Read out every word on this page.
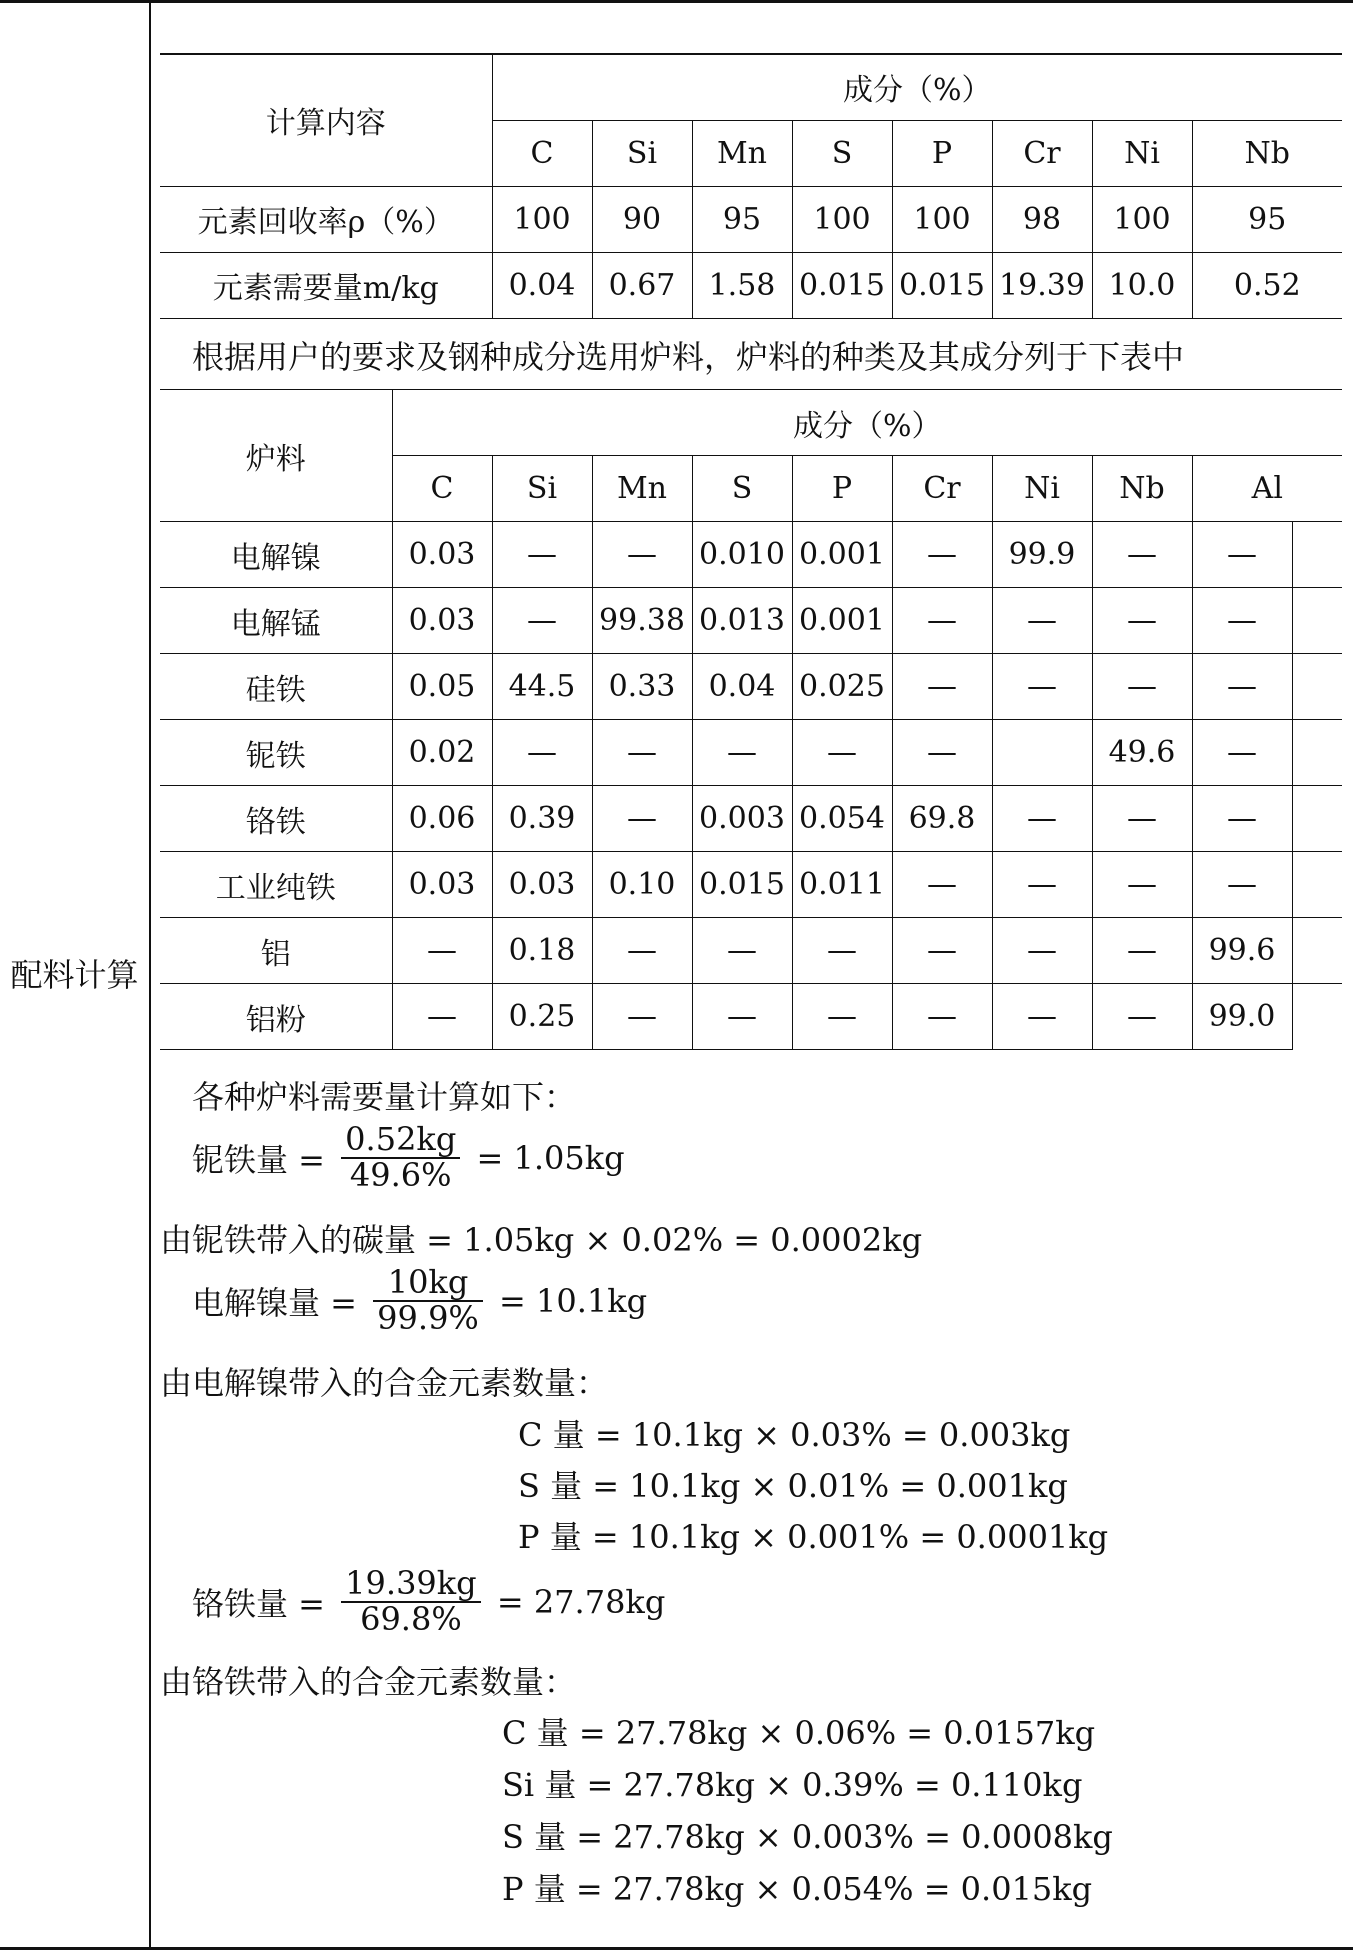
配料计算
计算内容	成分（%）							
	C	Si	Mn	S	P	Cr	Ni	Nb
元素回收率ρ（%）	100	90	95	100	100	98	100	95
元素需要量m/kg	0.04	0.67	1.58	0.015	0.015	19.39	10.0	0.52
根据用户的要求及钢种成分选用炉料，炉料的种类及其成分列于下表中
炉料	成分（%）									
	C	Si	Mn	S	P	Cr	Ni	Nb	Al	
电解镍	0.03	—	—	0.010	0.001	—	99.9	—	—	
电解锰	0.03	—	99.38	0.013	0.001	—	—	—	—	
硅铁	0.05	44.5	0.33	0.04	0.025	—	—	—	—	
铌铁	0.02	—	—	—	—	—		49.6	—	
铬铁	0.06	0.39	—	0.003	0.054	69.8	—	—	—	
工业纯铁	0.03	0.03	0.10	0.015	0.011	—	—	—	—	
铝	—	0.18	—	—	—	—	—	—	99.6	
铝粉	—	0.25	—	—	—	—	—	—	99.0	
各种炉料需要量计算如下：
铌铁量 = $\frac{0.52kg}{49.6\%} = 1.05kg$
由铌铁带入的碳量 = 1.05kg × 0.02% = 0.0002kg
电解镍量 = $\frac{10kg}{99.9\%} = 10.1kg$
由电解镍带入的合金元素数量：
C 量 = 10.1kg × 0.03% = 0.003kg
S 量 = 10.1kg × 0.01% = 0.001kg
P 量 = 10.1kg × 0.001% = 0.0001kg
铬铁量 = $\frac{19.39kg}{69.8\%} = 27.78kg$
由铬铁带入的合金元素数量：
C 量 = 27.78kg × 0.06% = 0.0157kg
Si 量 = 27.78kg × 0.39% = 0.110kg
S 量 = 27.78kg × 0.003% = 0.0008kg
P 量 = 27.78kg × 0.054% = 0.015kg
